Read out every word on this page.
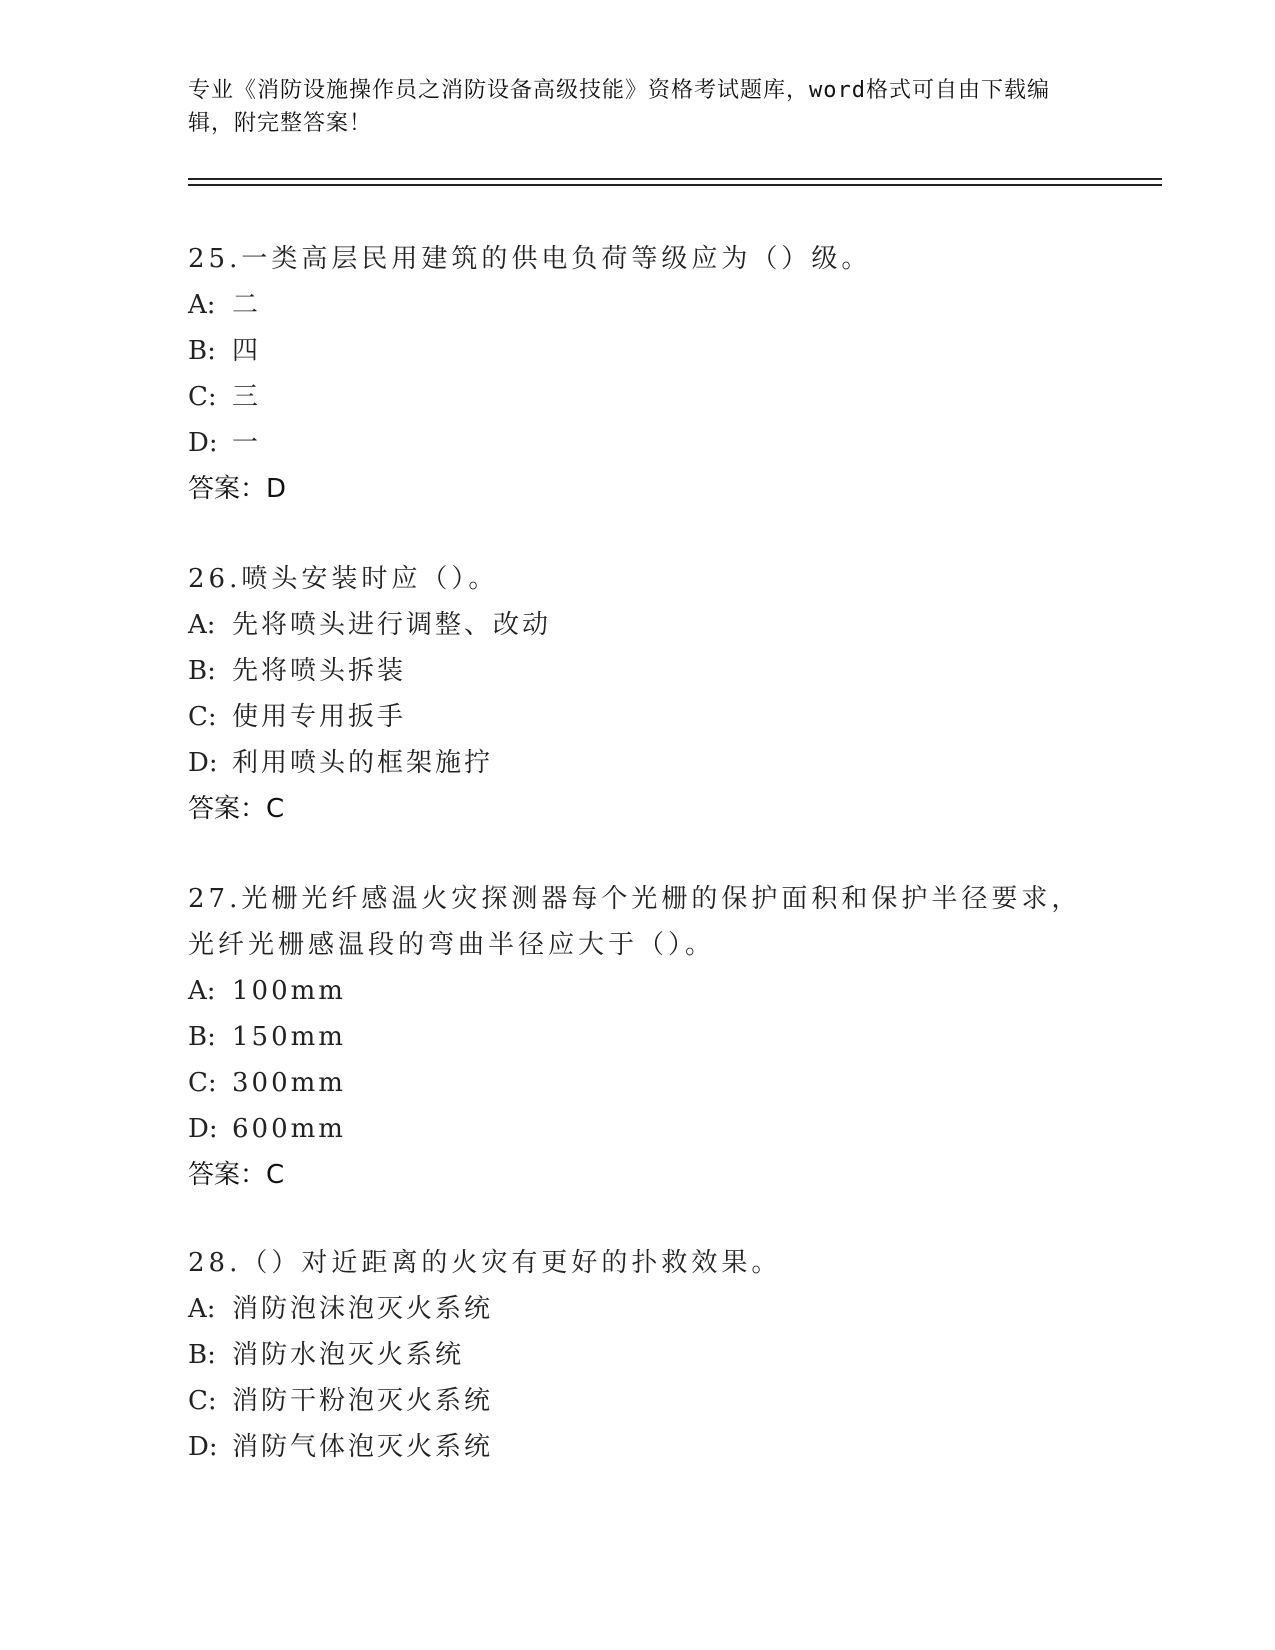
专业《消防设施操作员之消防设备高级技能》资格考试题库，word格式可自由下载编辑，附完整答案！

25.一类高层民用建筑的供电负荷等级应为（）级。

A: 二

B: 四

C: 三

D: 一

答案：D

26.喷头安装时应（）。

A: 先将喷头进行调整、改动

B: 先将喷头拆装

C: 使用专用扳手

D: 利用喷头的框架施拧

答案：C

27.光栅光纤感温火灾探测器每个光栅的保护面积和保护半径要求，光纤光栅感温段的弯曲半径应大于（）。

A: 100mm

B: 150mm

C: 300mm

D: 600mm

答案：C

28.（）对近距离的火灾有更好的扑救效果。

A: 消防泡沫泡灭火系统

B: 消防水泡灭火系统

C: 消防干粉泡灭火系统

D: 消防气体泡灭火系统
